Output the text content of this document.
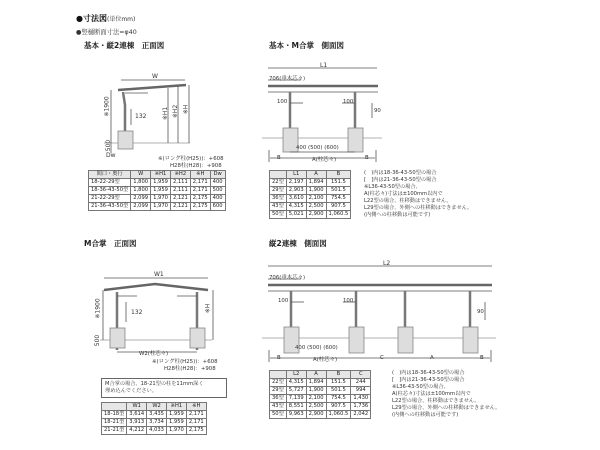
●寸法図(単位mm)
●竪樋断面寸法=φ40
基本・縦2連棟　正面図	基本・M合掌　側面図
M合掌　正面図	縦2連棟　側面図
W
※1900	※H1 ※H2 ※H
132
500
Dw	※(ロング柱(H25))：+608
H28柱(H28)：+908
間口・奥行	W	※H1	※H2	※H	Dw
18-22-29型	1,800	1,959	2,111	2,171	400
18-36-43-50型	1,800	1,959	2,111	2,171	500
21-22-29型	2,099	1,970	2,121	2,175	400
21-36-43-50型	2,099	1,970	2,121	2,175	600
L1
706(垂木芯々)
100	100
90
400 (500) (600)
A(柱芯々)
B	B
	L1	A	B
22型	2,197	1,894	151.5
29型	2,903	1,900	501.5
36型	3,610	2,100	754.5
43型	4,315	2,500	907.5
50型	5,021	2,900	1,060.5
(　)内は18-36-43-50型の場合
[　]内は21-36-43-50型の場合
※L36-43-50型の場合、
A(柱芯々)寸法は±100mm以内で
L22型の場合、柱移動はできません。
L29型の場合、外側への柱移動はできません。
(内側への柱移動は可能です)
W1
※1900	※H
132
500
W2(柱芯々)
※(ロング柱(H25))：+608
H28柱(H28)：+908
M合掌の場合、18-21型の柱を11mm深く
埋め込んでください。
	W1	W2	※H1	※H
18-18型	3,614	3,435	1,959	2,171
18-21型	3,913	3,734	1,959	2,171
21-21型	4,212	4,033	1,970	2,175
L2
706(垂木芯々)
100	100
90
400 (500) (600)
B	A(柱芯々)	C	A	B
	L2	A	B	C
22型	4,315	1,894	151.5	244
29型	5,727	1,900	501.5	994
36型	7,139	2,100	754.5	1,430
43型	8,551	2,500	907.5	1,736
50型	9,963	2,900	1,060.5	2,042
(　)内は18-36-43-50型の場合
[　]内は21-36-43-50型の場合
※L36-43-50型の場合、
A(柱芯々)寸法は±100mm以内で
L22型の場合、柱移動はできません。
L29型の場合、外側への柱移動はできません。
(内側への柱移動は可能です)
